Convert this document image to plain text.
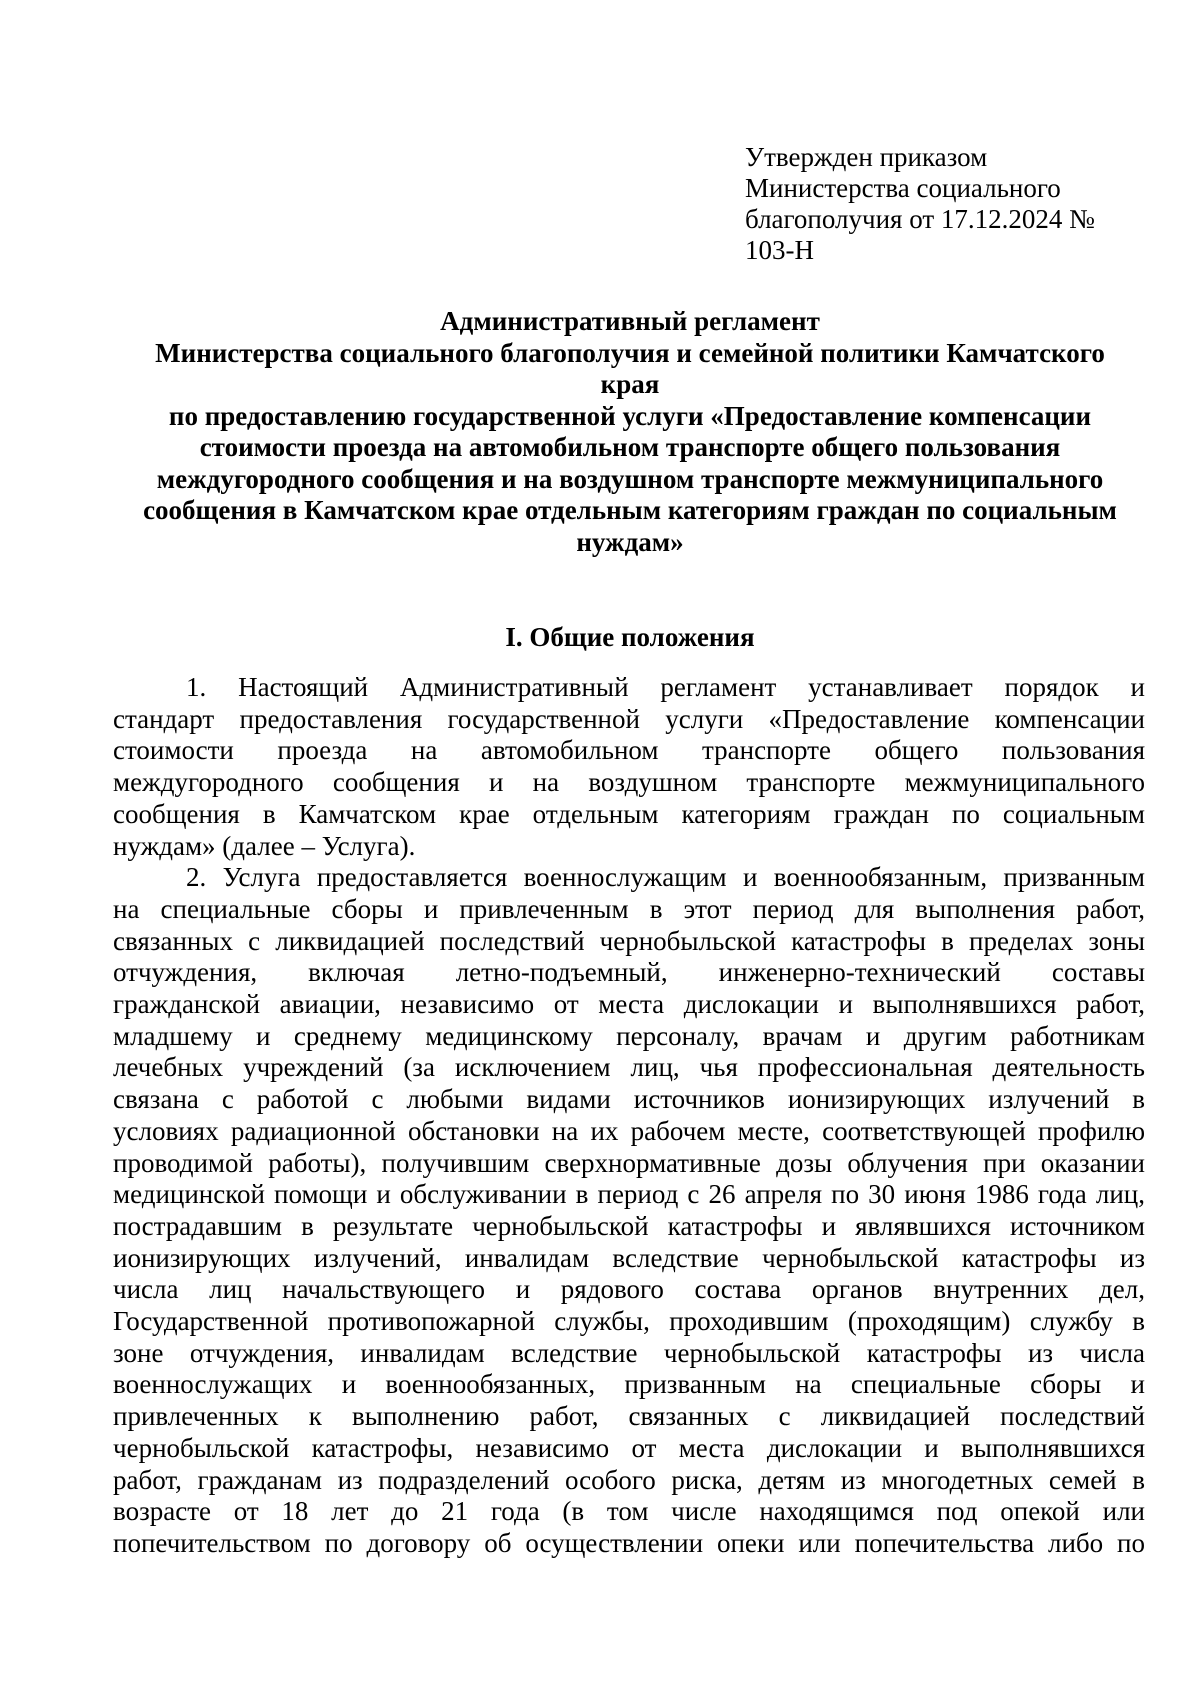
Утвержден приказом
Министерства социального
благополучия от 17.12.2024 №
103-Н
Административный регламент
Министерства социального благополучия и семейной политики Камчатского
края
по предоставлению государственной услуги «Предоставление компенсации
стоимости проезда на автомобильном транспорте общего пользования
междугородного сообщения и на воздушном транспорте межмуниципального
сообщения в Камчатском крае отдельным категориям граждан по социальным
нуждам»
I. Общие положения
1. Настоящий Административный регламент устанавливает порядок и
стандарт предоставления государственной услуги «Предоставление компенсации
стоимости проезда на автомобильном транспорте общего пользования
междугородного сообщения и на воздушном транспорте межмуниципального
сообщения в Камчатском крае отдельным категориям граждан по социальным
нуждам» (далее – Услуга).
2. Услуга предоставляется военнослужащим и военнообязанным, призванным
на специальные сборы и привлеченным в этот период для выполнения работ,
связанных с ликвидацией последствий чернобыльской катастрофы в пределах зоны
отчуждения, включая летно-подъемный, инженерно-технический составы
гражданской авиации, независимо от места дислокации и выполнявшихся работ,
младшему и среднему медицинскому персоналу, врачам и другим работникам
лечебных учреждений (за исключением лиц, чья профессиональная деятельность
связана с работой с любыми видами источников ионизирующих излучений в
условиях радиационной обстановки на их рабочем месте, соответствующей профилю
проводимой работы), получившим сверхнормативные дозы облучения при оказании
медицинской помощи и обслуживании в период с 26 апреля по 30 июня 1986 года лиц,
пострадавшим в результате чернобыльской катастрофы и являвшихся источником
ионизирующих излучений, инвалидам вследствие чернобыльской катастрофы из
числа лиц начальствующего и рядового состава органов внутренних дел,
Государственной противопожарной службы, проходившим (проходящим) службу в
зоне отчуждения, инвалидам вследствие чернобыльской катастрофы из числа
военнослужащих и военнообязанных, призванным на специальные сборы и
привлеченных к выполнению работ, связанных с ликвидацией последствий
чернобыльской катастрофы, независимо от места дислокации и выполнявшихся
работ, гражданам из подразделений особого риска, детям из многодетных семей в
возрасте от 18 лет до 21 года (в том числе находящимся под опекой или
попечительством по договору об осуществлении опеки или попечительства либо по
